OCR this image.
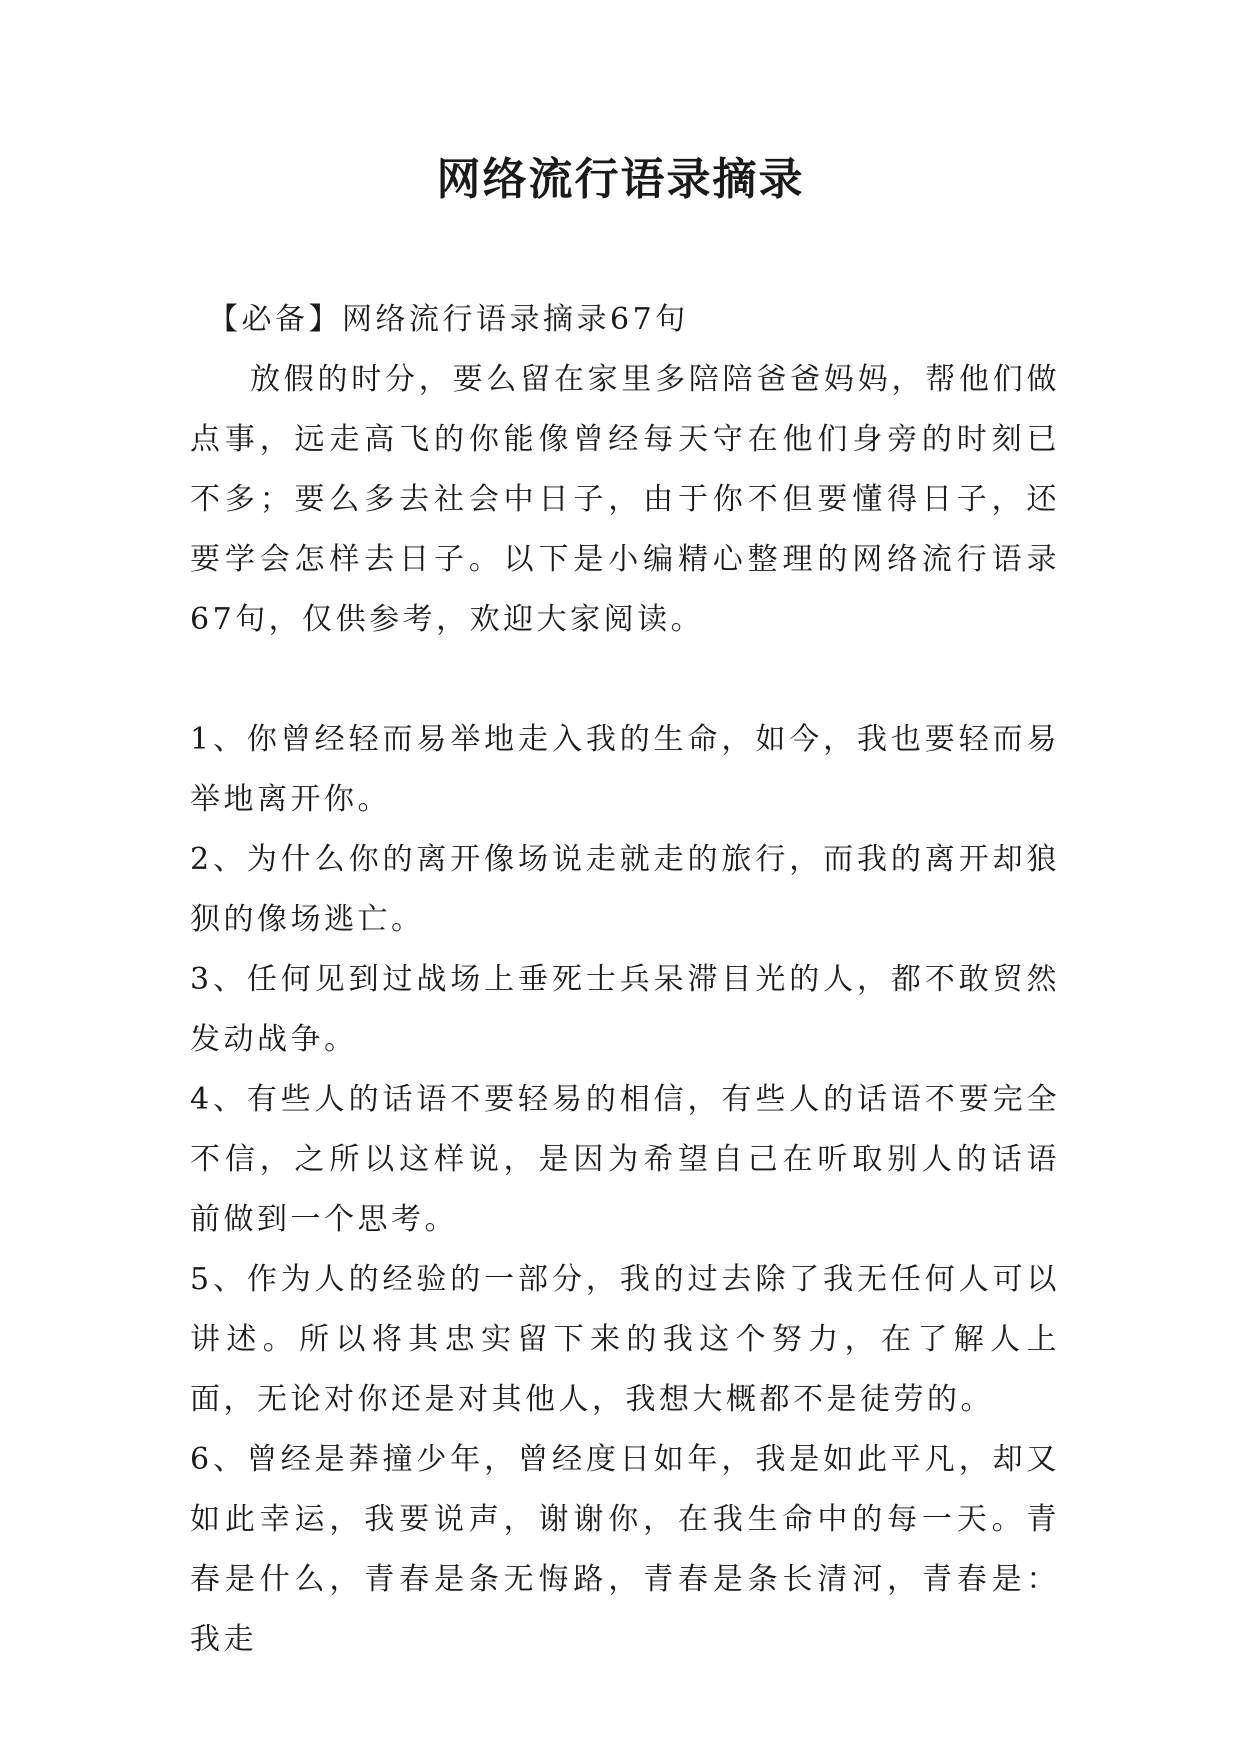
网络流行语录摘录

【必备】网络流行语录摘录67句

放假的时分，要么留在家里多陪陪爸爸妈妈，帮他们做点事，远走高飞的你能像曾经每天守在他们身旁的时刻已不多；要么多去社会中日子，由于你不但要懂得日子，还要学会怎样去日子。以下是小编精心整理的网络流行语录67句，仅供参考，欢迎大家阅读。

1、你曾经轻而易举地走入我的生命，如今，我也要轻而易举地离开你。

2、为什么你的离开像场说走就走的旅行，而我的离开却狼狈的像场逃亡。

3、任何见到过战场上垂死士兵呆滞目光的人，都不敢贸然发动战争。

4、有些人的话语不要轻易的相信，有些人的话语不要完全不信，之所以这样说，是因为希望自己在听取别人的话语前做到一个思考。

5、作为人的经验的一部分，我的过去除了我无任何人可以讲述。所以将其忠实留下来的我这个努力，在了解人上面，无论对你还是对其他人，我想大概都不是徒劳的。

6、曾经是莽撞少年，曾经度日如年，我是如此平凡，却又如此幸运，我要说声，谢谢你，在我生命中的每一天。青春是什么，青春是条无悔路，青春是条长清河，青春是：我走
